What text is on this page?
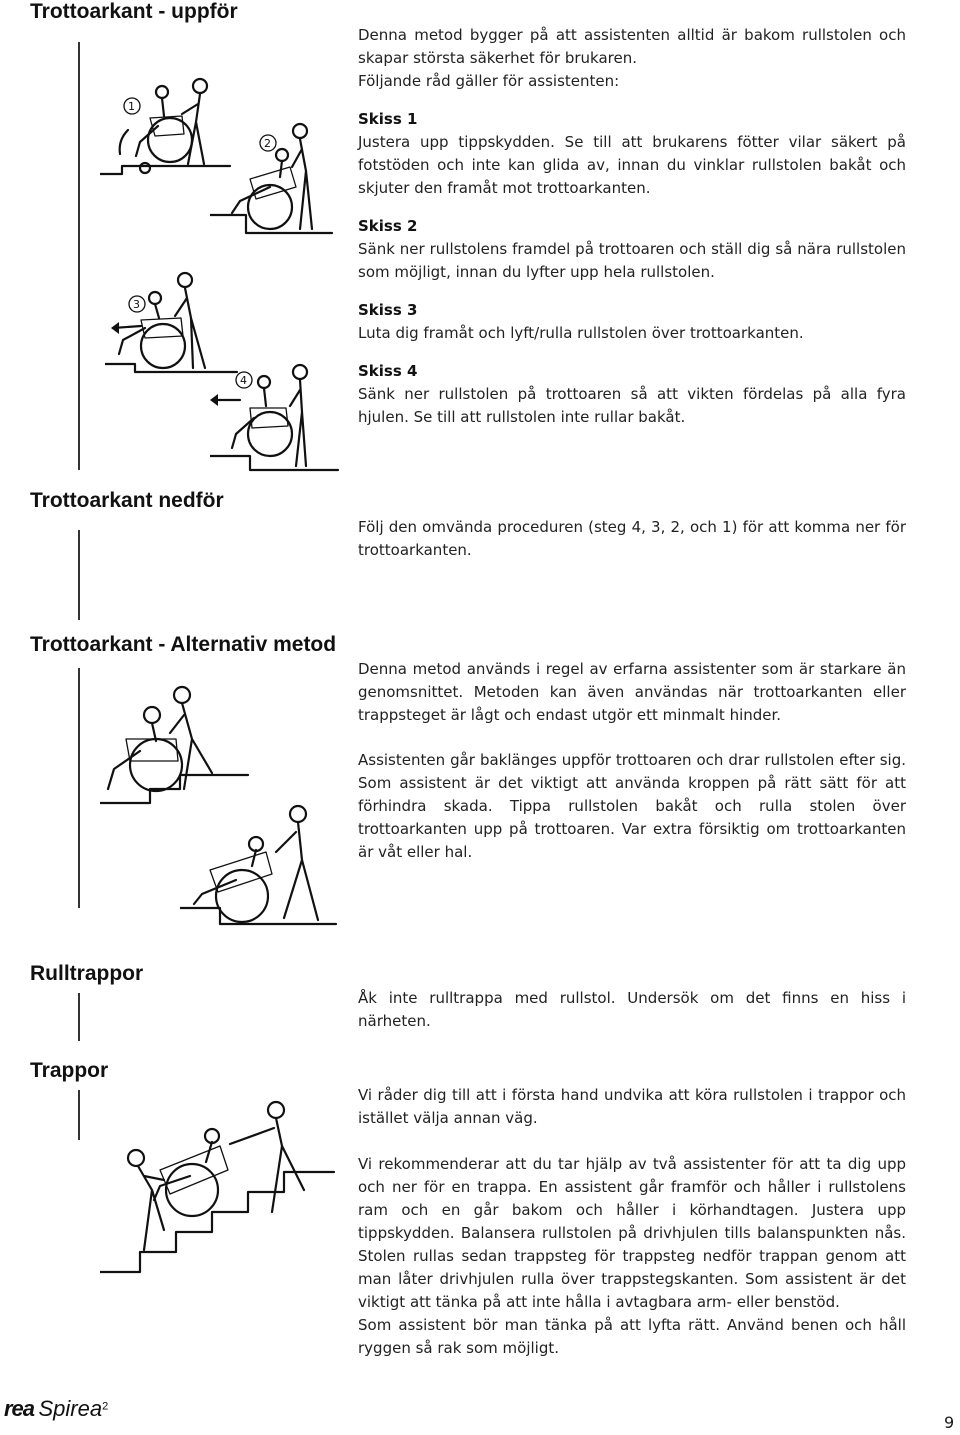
Trottoarkant - uppför
Denna metod bygger på att assistenten alltid är bakom rullstolen och skapar största säkerhet för brukaren.
Följande råd gäller för assistenten:
Skiss 1
Justera upp tippskydden. Se till att brukarens fötter vilar säkert på fotstöden och inte kan glida av, innan du vinklar rullstolen bakåt och skjuter den framåt mot trottoarkanten.
Skiss 2
Sänk ner rullstolens framdel på trottoaren och ställ dig så nära rullstolen som möjligt, innan du lyfter upp hela rullstolen.
Skiss 3
Luta dig framåt och lyft/rulla rullstolen över trottoarkanten.
Skiss 4
Sänk ner rullstolen på trottoaren så att vikten fördelas på alla fyra hjulen. Se till att rullstolen inte rullar bakåt.
1
2
3
4
Trottoarkant nedför

Följ den omvända proceduren (steg 4, 3, 2, och 1) för att komma ner för trottoarkanten.

Trottoarkant - Alternativ metod
Denna metod används i regel av erfarna assistenter som är starkare än genomsnittet. Metoden kan även användas när trottoarkanten eller trappsteget är lågt och endast utgör ett minmalt hinder.
Assistenten går baklänges uppför trottoaren och drar rullstolen efter sig. Som assistent är det viktigt att använda kroppen på rätt sätt för att förhindra skada. Tippa rullstolen bakåt och rulla stolen över trottoarkanten upp på trottoaren. Var extra försiktig om trottoarkanten är våt eller hal.
Rulltrappor

Åk inte rulltrappa med rullstol. Undersök om det finns en hiss i närheten.

Trappor
Vi råder dig till att i första hand undvika att köra rullstolen i trappor och istället välja annan väg.
Vi rekommenderar att du tar hjälp av två assistenter för att ta dig upp och ner för en trappa. En assistent går framför och håller i rullstolens ram och en går bakom och håller i körhandtagen. Justera upp tippskydden. Balansera rullstolen på drivhjulen tills balanspunkten nås. Stolen rullas sedan trappsteg för trappsteg nedför trappan genom att man låter drivhjulen rulla över trappstegskanten. Som assistent är det viktigt att tänka på att inte hålla i avtagbara arm- eller benstöd.
Som assistent bör man tänka på att lyfta rätt. Använd benen och håll ryggen så rak som möjligt.
rea Spirea$^2$
9
